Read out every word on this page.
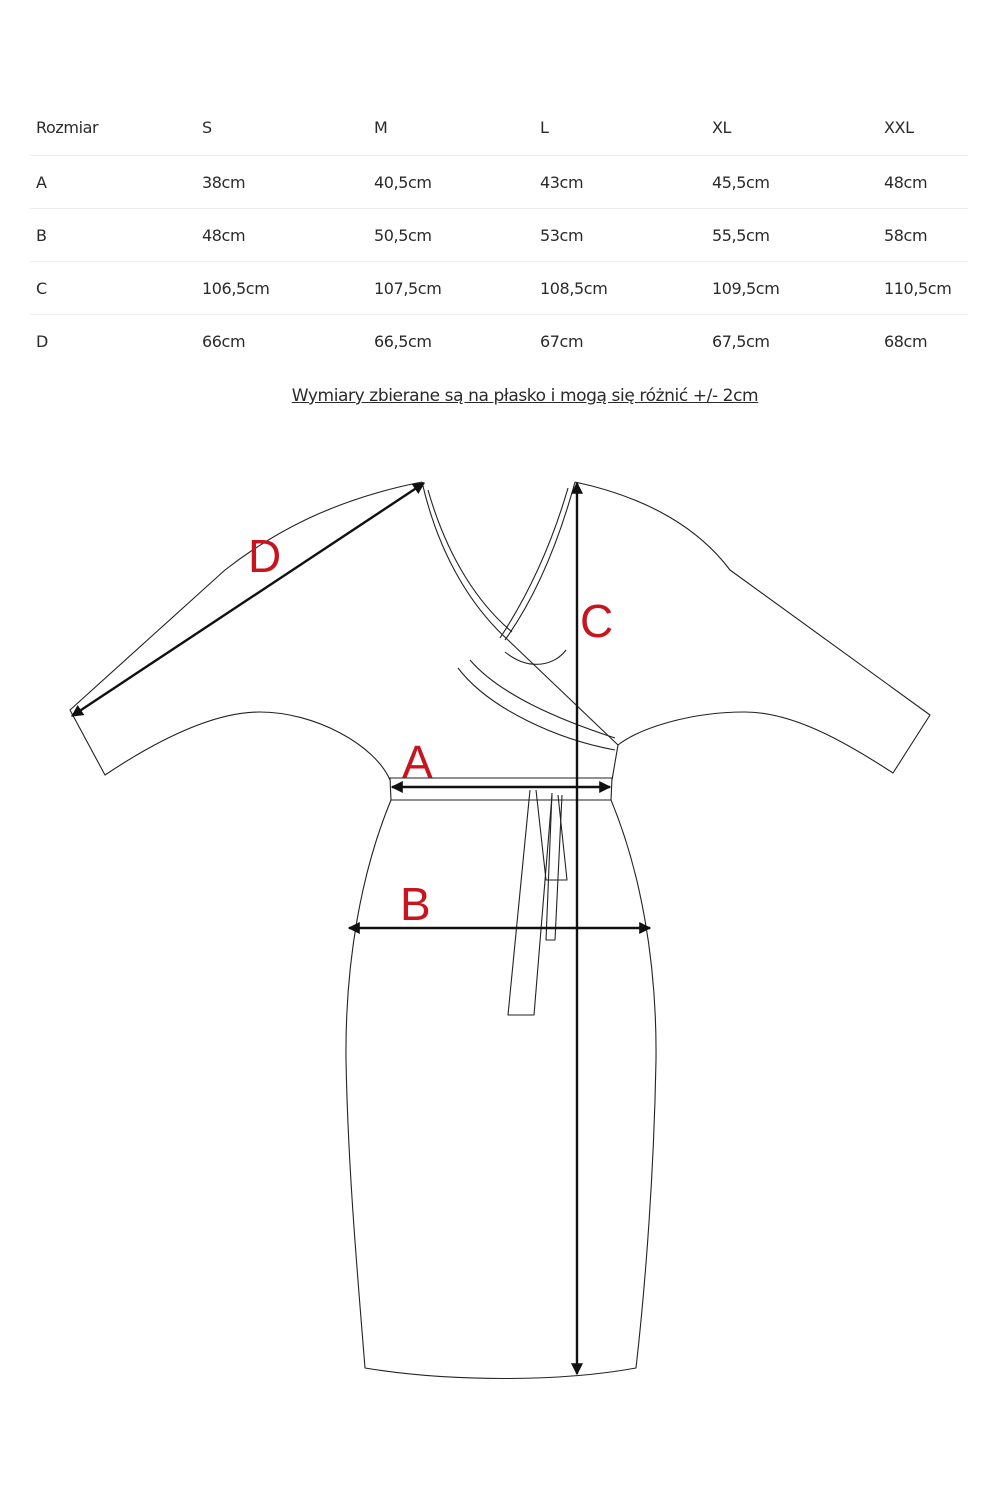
Rozmiar	S	M	L	XL	XXL
A	38cm	40,5cm	43cm	45,5cm	48cm
B	48cm	50,5cm	53cm	55,5cm	58cm
C	106,5cm	107,5cm	108,5cm	109,5cm	110,5cm
D	66cm	66,5cm	67cm	67,5cm	68cm
Wymiary zbierane są na płasko i mogą się różnić +/- 2cm
A
B
C
D
